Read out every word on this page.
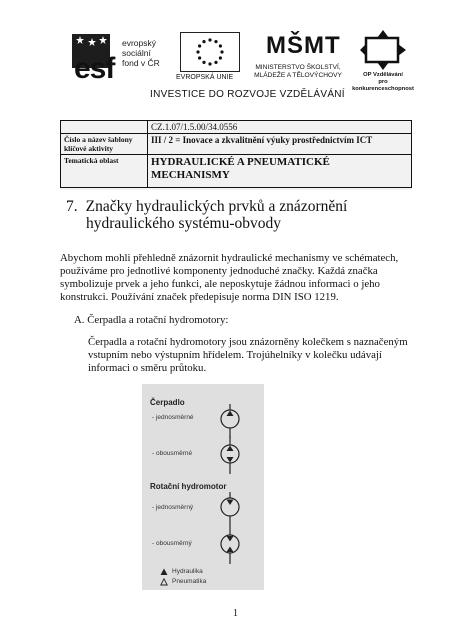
esf
evropský
sociální
fond v ČR
EVROPSKÁ UNIE
MŠMT
MINISTERSTVO ŠKOLSTVÍ,
MLÁDEŽE A TĚLOVÝCHOVY	OP Vzdělávání
pro konkurenceschopnost
INVESTICE DO ROZVOJE VZDĚLÁVÁNÍ
	CZ.1.07/1.5.00/34.0556
Číslo a název šablony klíčové aktivity	III / 2 = Inovace a zkvalitnění výuky prostřednictvím ICT
Tematická oblast	HYDRAULICKÉ A PNEUMATICKÉ MECHANISMY
7. Značky hydraulických prvků a znázornění
hydraulického systému-obvody
Abychom mohli přehledně znázornit hydraulické mechanismy ve schématech, používáme pro jednotlivé komponenty jednoduché značky. Každá značka symbolizuje prvek a jeho funkci, ale neposkytuje žádnou informaci o jeho konstrukci. Používání značek předepisuje norma DIN ISO 1219.
A. Čerpadla a rotační hydromotory:
Čerpadla a rotační hydromotory jsou znázorněny kolečkem s naznačeným vstupním nebo výstupním hřídelem. Trojúhelníky v kolečku udávají informaci o směru průtoku.
Čerpadlo
- jednosměrné
- obousměrné
Rotační hydromotor
- jednosměrný
- obousměrný
Hydraulika
Pneumatika
1
